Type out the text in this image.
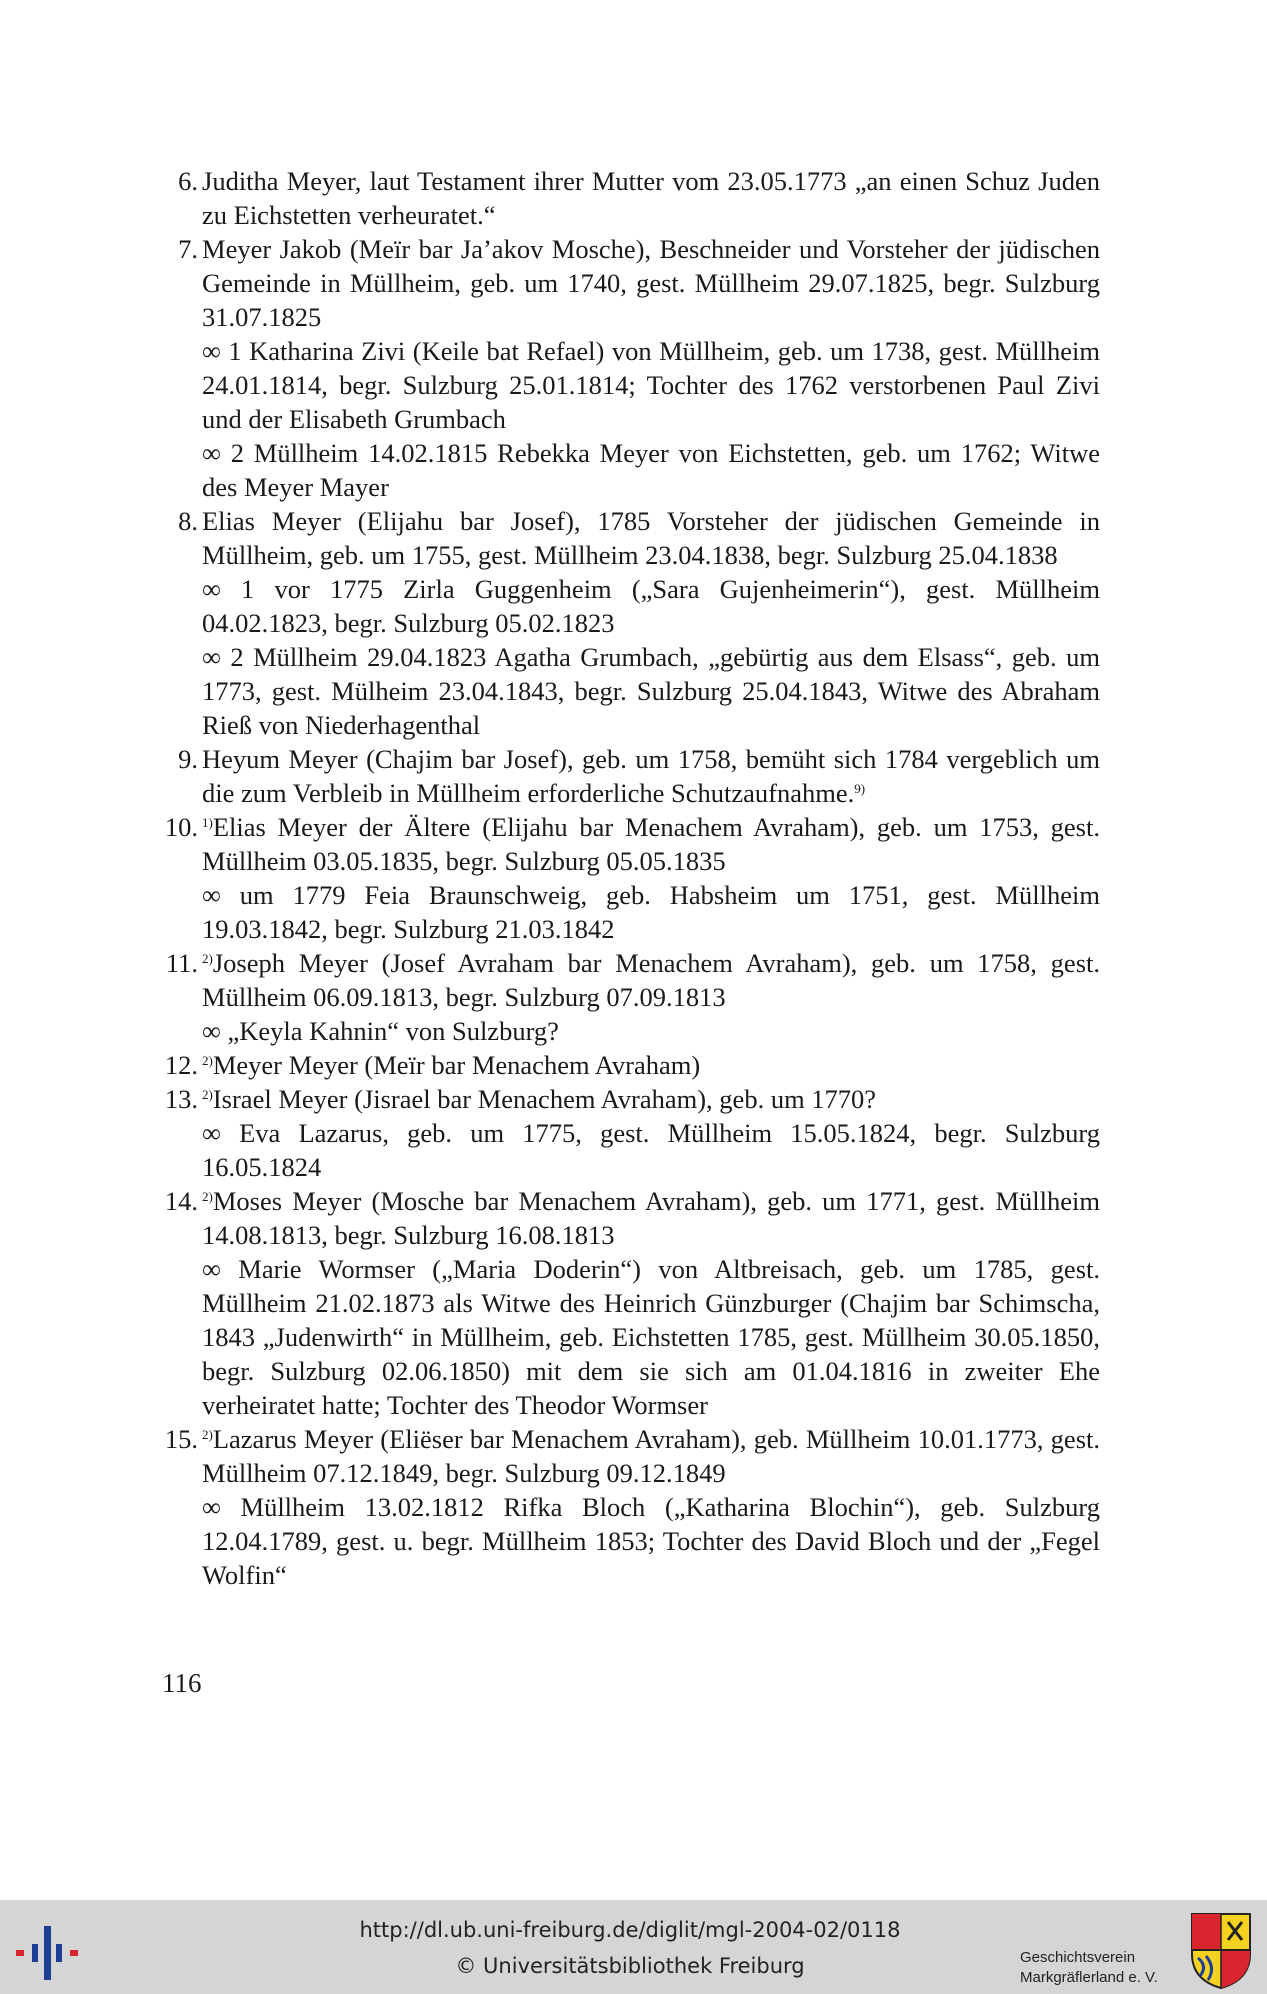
6. Juditha Meyer, laut Testament ihrer Mutter vom 23.05.1773 „an einen Schuz Juden zu Eichstetten verheuratet.“
7. Meyer Jakob (Meïr bar Ja’akov Mosche), Beschneider und Vorsteher der jüdischen Gemeinde in Müllheim, geb. um 1740, gest. Müllheim 29.07.1825, begr. Sulzburg 31.07.1825
∞ 1 Katharina Zivi (Keile bat Refael) von Müllheim, geb. um 1738, gest. Müllheim 24.01.1814, begr. Sulzburg 25.01.1814; Tochter des 1762 verstorbenen Paul Zivi und der Elisabeth Grumbach
∞ 2 Müllheim 14.02.1815 Rebekka Meyer von Eichstetten, geb. um 1762; Witwe des Meyer Mayer
8. Elias Meyer (Elijahu bar Josef), 1785 Vorsteher der jüdischen Gemeinde in Müllheim, geb. um 1755, gest. Müllheim 23.04.1838, begr. Sulzburg 25.04.1838
∞ 1 vor 1775 Zirla Guggenheim („Sara Gujenheimerin“), gest. Müllheim 04.02.1823, begr. Sulzburg 05.02.1823
∞ 2 Müllheim 29.04.1823 Agatha Grumbach, „gebürtig aus dem Elsass“, geb. um 1773, gest. Mülheim 23.04.1843, begr. Sulzburg 25.04.1843, Witwe des Abraham Rieß von Niederhagenthal
9. Heyum Meyer (Chajim bar Josef), geb. um 1758, bemüht sich 1784 vergeblich um die zum Verbleib in Müllheim erforderliche Schutzaufnahme.$^{9)}$
10. $^{1)}$Elias Meyer der Ältere (Elijahu bar Menachem Avraham), geb. um 1753, gest. Müllheim 03.05.1835, begr. Sulzburg 05.05.1835
∞ um 1779 Feia Braunschweig, geb. Habsheim um 1751, gest. Müllheim 19.03.1842, begr. Sulzburg 21.03.1842
11. $^{2)}$Joseph Meyer (Josef Avraham bar Menachem Avraham), geb. um 1758, gest. Müllheim 06.09.1813, begr. Sulzburg 07.09.1813
∞ „Keyla Kahnin“ von Sulzburg?
12. $^{2)}$Meyer Meyer (Meïr bar Menachem Avraham)
13. $^{2)}$Israel Meyer (Jisrael bar Menachem Avraham), geb. um 1770?
∞ Eva Lazarus, geb. um 1775, gest. Müllheim 15.05.1824, begr. Sulzburg 16.05.1824
14. $^{2)}$Moses Meyer (Mosche bar Menachem Avraham), geb. um 1771, gest. Müllheim 14.08.1813, begr. Sulzburg 16.08.1813
∞ Marie Wormser („Maria Doderin“) von Altbreisach, geb. um 1785, gest. Müllheim 21.02.1873 als Witwe des Heinrich Günzburger (Chajim bar Schimscha, 1843 „Judenwirth“ in Müllheim, geb. Eichstetten 1785, gest. Müllheim 30.05.1850, begr. Sulzburg 02.06.1850) mit dem sie sich am 01.04.1816 in zweiter Ehe verheiratet hatte; Tochter des Theodor Wormser
15. $^{2)}$Lazarus Meyer (Eliëser bar Menachem Avraham), geb. Müllheim 10.01.1773, gest. Müllheim 07.12.1849, begr. Sulzburg 09.12.1849
∞ Müllheim 13.02.1812 Rifka Bloch („Katharina Blochin“), geb. Sulzburg 12.04.1789, gest. u. begr. Müllheim 1853; Tochter des David Bloch und der „Fegel Wolfin“
116
http://dl.ub.uni-freiburg.de/diglit/mgl-2004-02/0118
© Universitätsbibliothek Freiburg	Geschichtsverein
Markgräflerland e. V.
